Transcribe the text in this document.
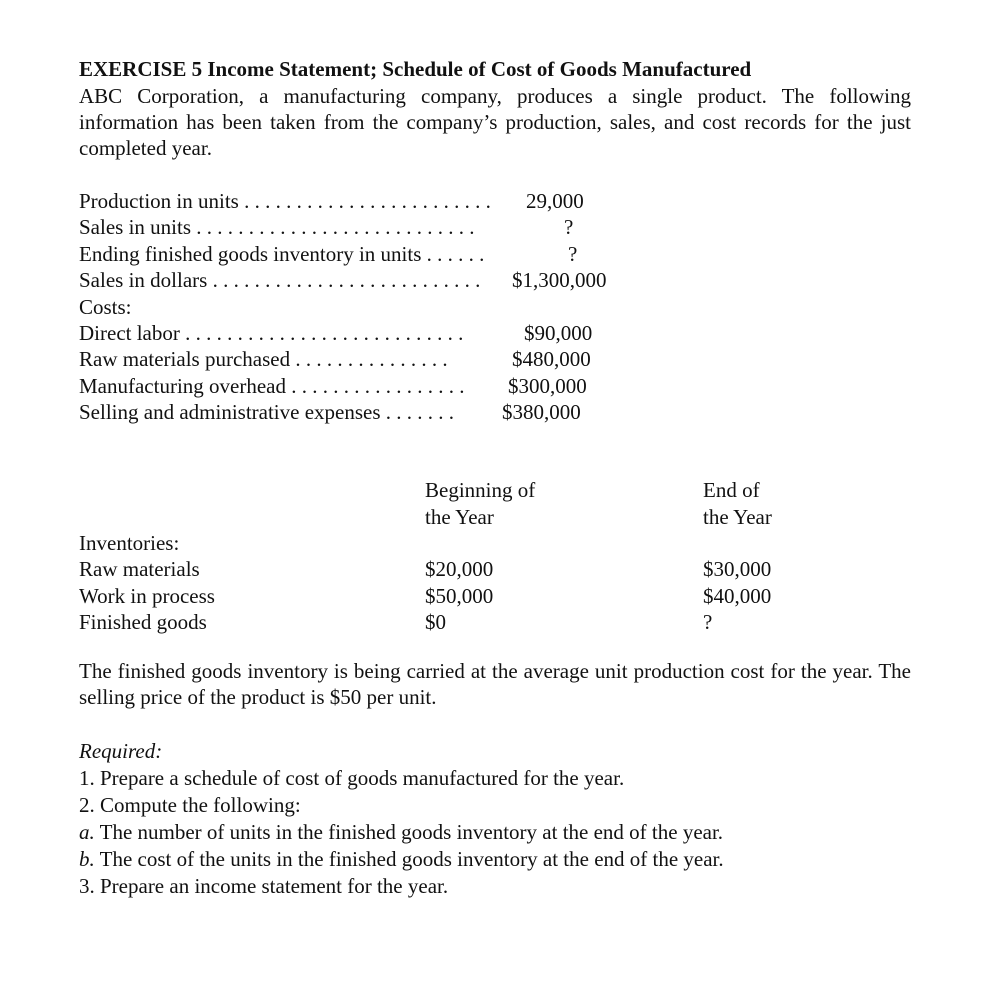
EXERCISE 5 Income Statement; Schedule of Cost of Goods Manufactured
ABC Corporation, a manufacturing company, produces a single product. The following information has been taken from the company’s production, sales, and cost records for the just completed year.
Production in units . . . . . . . . . . . . . . . . . . . . . . . . 29,000
Sales in units . . . . . . . . . . . . . . . . . . . . . . . . . . .	?
Ending finished goods inventory in units . . . . . .	?
Sales in dollars . . . . . . . . . . . . . . . . . . . . . . . . . . $1,300,000
Costs:
Direct labor . . . . . . . . . . . . . . . . . . . . . . . . . . .	$90,000
Raw materials purchased . . . . . . . . . . . . . . .	$480,000
Manufacturing overhead . . . . . . . . . . . . . . . . . $300,000
Selling and administrative expenses . . . . . . . $380,000
Beginning of
the Year
End of
the Year
Inventories:
Raw materials	$20,000	$30,000
Work in process	$50,000	$40,000
Finished goods	$0	?
The finished goods inventory is being carried at the average unit production cost for the year. The selling price of the product is $50 per unit.
Required:
1. Prepare a schedule of cost of goods manufactured for the year.
2. Compute the following:
a. The number of units in the finished goods inventory at the end of the year.
b. The cost of the units in the finished goods inventory at the end of the year.
3. Prepare an income statement for the year.
